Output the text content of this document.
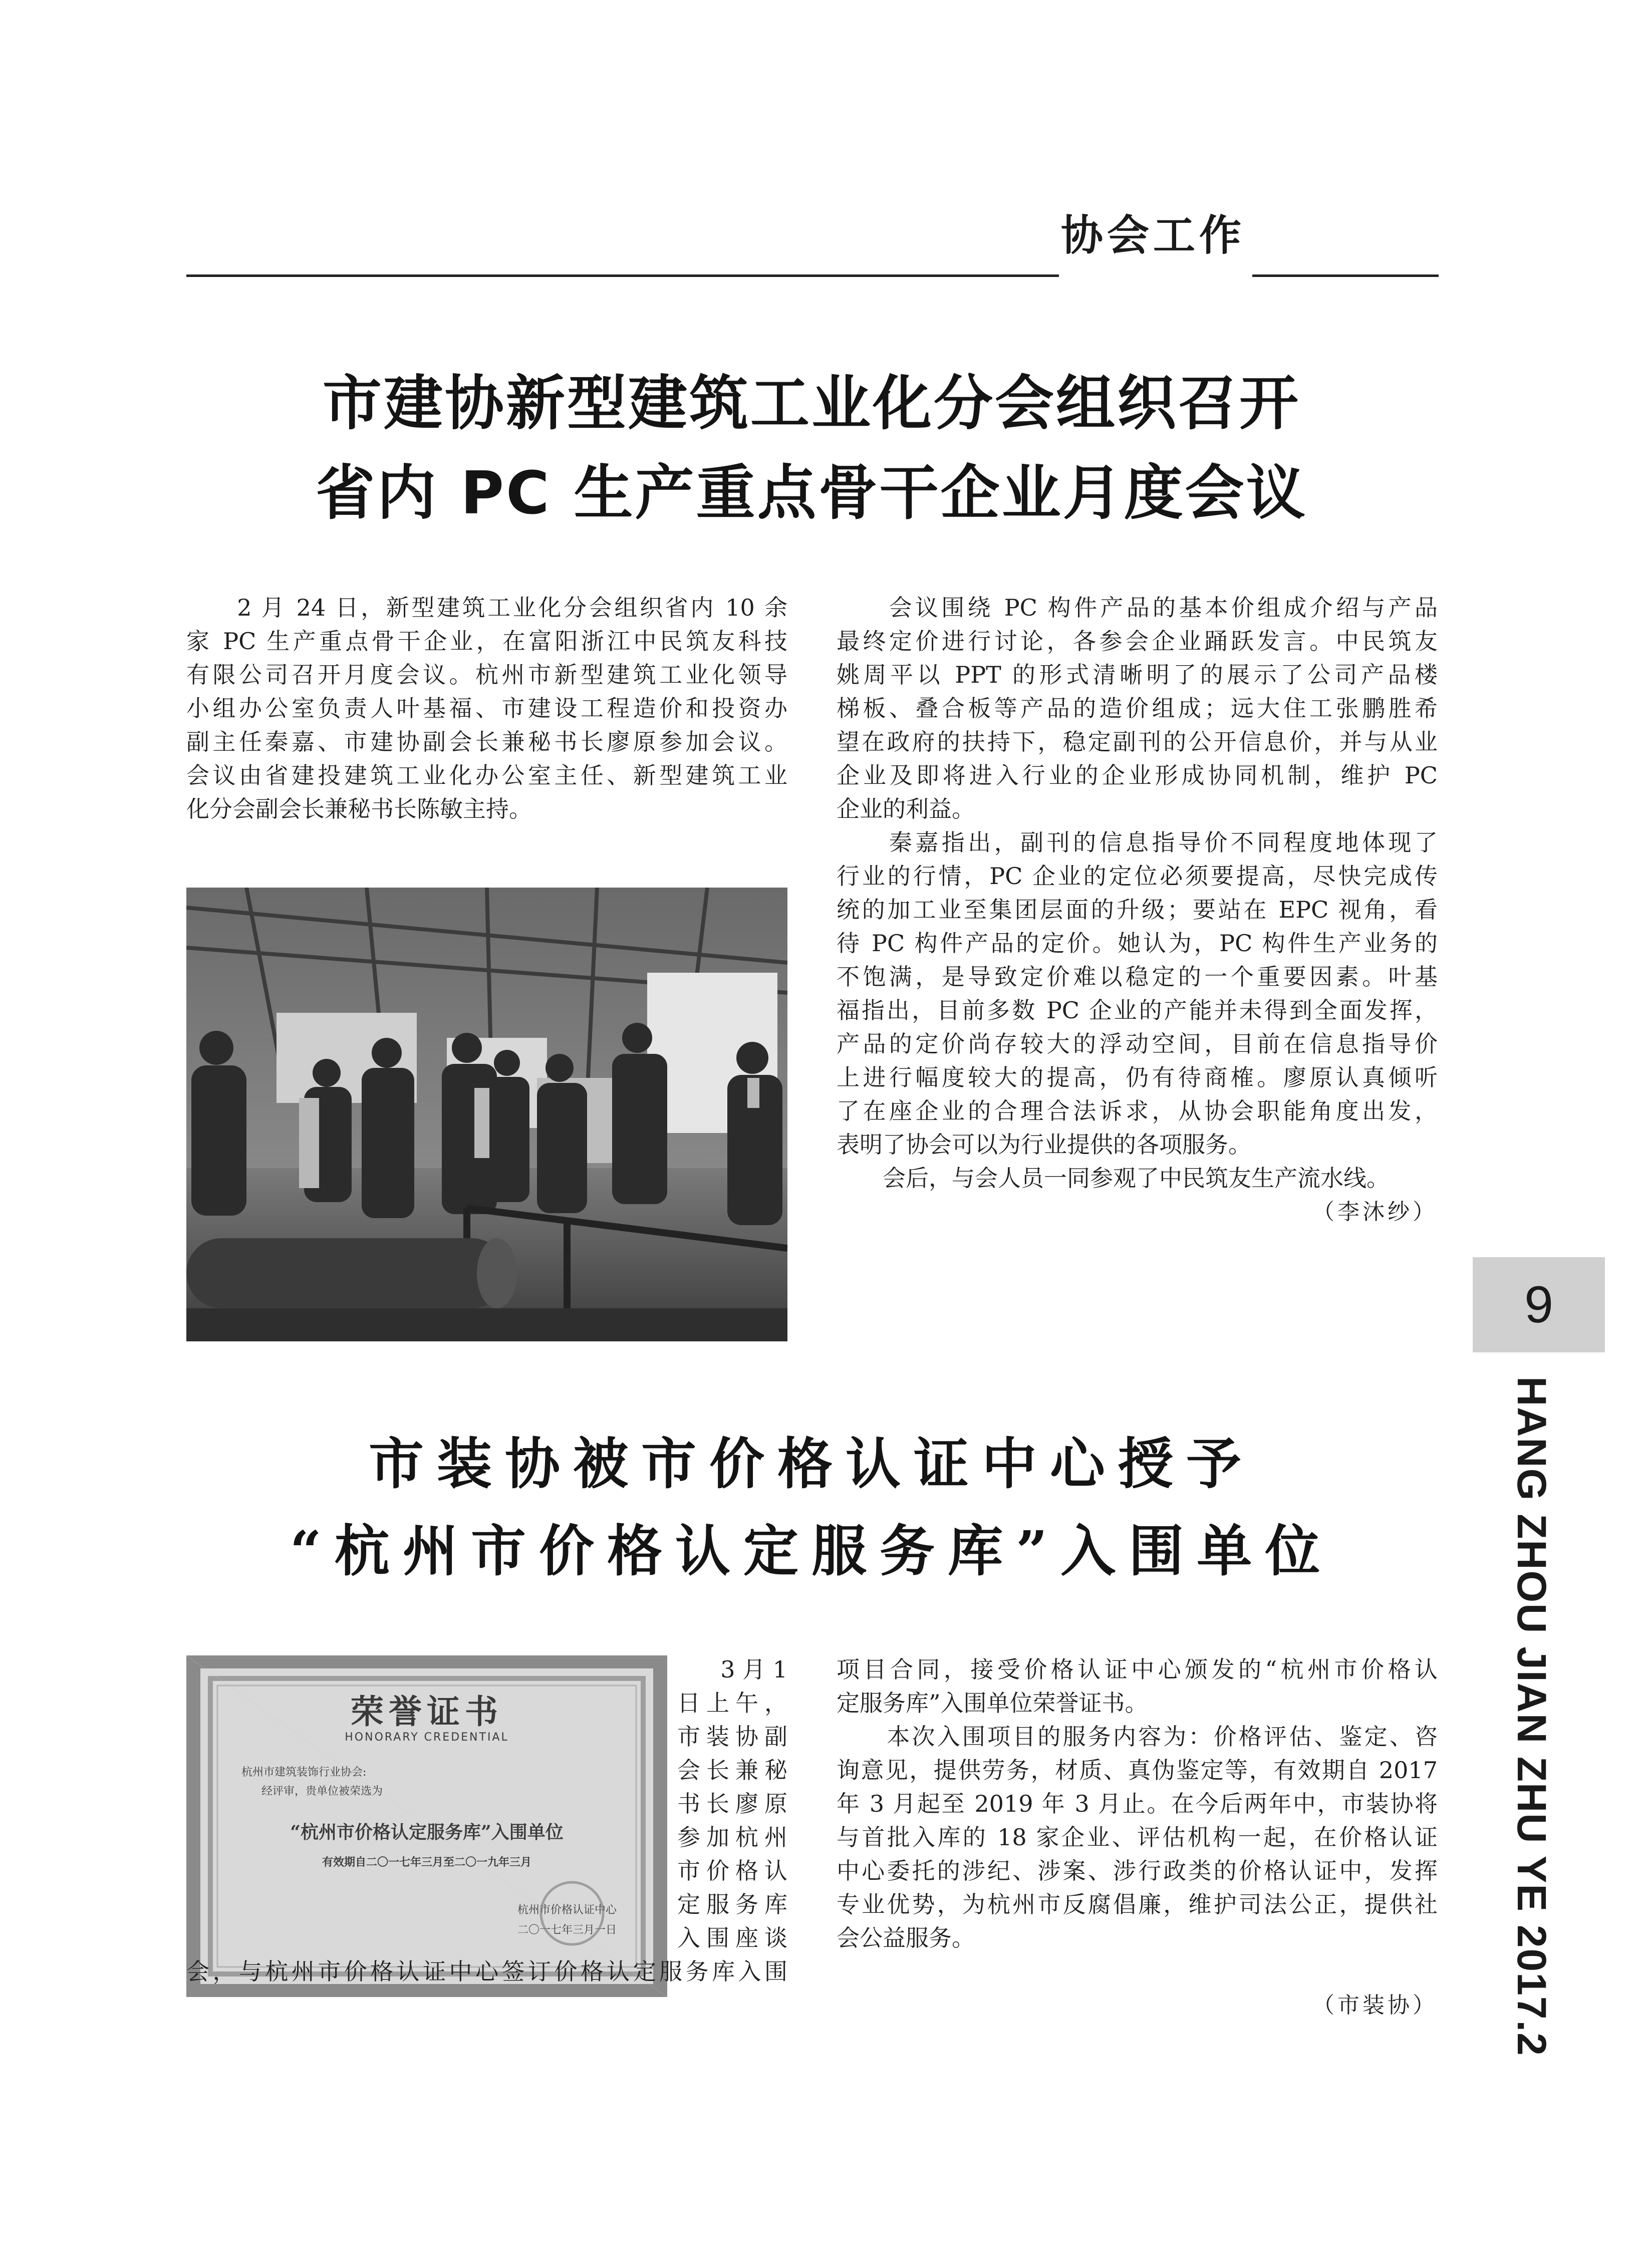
协会工作
市建协新型建筑工业化分会组织召开
省内 PC 生产重点骨干企业月度会议
　　2 月 24 日，新型建筑工业化分会组织省内 10 余
家 PC 生产重点骨干企业，在富阳浙江中民筑友科技
有限公司召开月度会议。杭州市新型建筑工业化领导
小组办公室负责人叶基福、市建设工程造价和投资办
副主任秦嘉、市建协副会长兼秘书长廖原参加会议。
会议由省建投建筑工业化办公室主任、新型建筑工业
化分会副会长兼秘书长陈敏主持。
　　会议围绕 PC 构件产品的基本价组成介绍与产品
最终定价进行讨论，各参会企业踊跃发言。中民筑友
姚周平以 PPT 的形式清晰明了的展示了公司产品楼
梯板、叠合板等产品的造价组成；远大住工张鹏胜希
望在政府的扶持下，稳定副刊的公开信息价，并与从业
企业及即将进入行业的企业形成协同机制，维护 PC
企业的利益。
　　秦嘉指出，副刊的信息指导价不同程度地体现了
行业的行情，PC 企业的定位必须要提高，尽快完成传
统的加工业至集团层面的升级；要站在 EPC 视角，看
待 PC 构件产品的定价。她认为，PC 构件生产业务的
不饱满，是导致定价难以稳定的一个重要因素。叶基
福指出，目前多数 PC 企业的产能并未得到全面发挥，
产品的定价尚存较大的浮动空间，目前在信息指导价
上进行幅度较大的提高，仍有待商榷。廖原认真倾听
了在座企业的合理合法诉求，从协会职能角度出发，
表明了协会可以为行业提供的各项服务。
　　会后，与会人员一同参观了中民筑友生产流水线。
（李沐纱）
市装协被市价格认证中心授予
“杭州市价格认定服务库”入围单位
荣誉证书
HONORARY CREDENTIAL
杭州市建筑装饰行业协会:
经评审，贵单位被荣选为
“杭州市价格认定服务库”入围单位
有效期自二〇一七年三月至二〇一九年三月
杭州市价格认证中心
二〇一七年三月一日
3 月 1
日上午，
市装协副
会长兼秘
书长廖原
参加杭州
市价格认
定服务库
入围座谈
会，与杭州市价格认证中心签订价格认定服务库入围
项目合同，接受价格认证中心颁发的“杭州市价格认
定服务库”入围单位荣誉证书。
　　本次入围项目的服务内容为：价格评估、鉴定、咨
询意见，提供劳务，材质、真伪鉴定等，有效期自 2017
年 3 月起至 2019 年 3 月止。在今后两年中，市装协将
与首批入库的 18 家企业、评估机构一起，在价格认证
中心委托的涉纪、涉案、涉行政类的价格认证中，发挥
专业优势，为杭州市反腐倡廉，维护司法公正，提供社
会公益服务。
（市装协）
9
HANG ZHOU JIAN ZHU YE 2017.2
